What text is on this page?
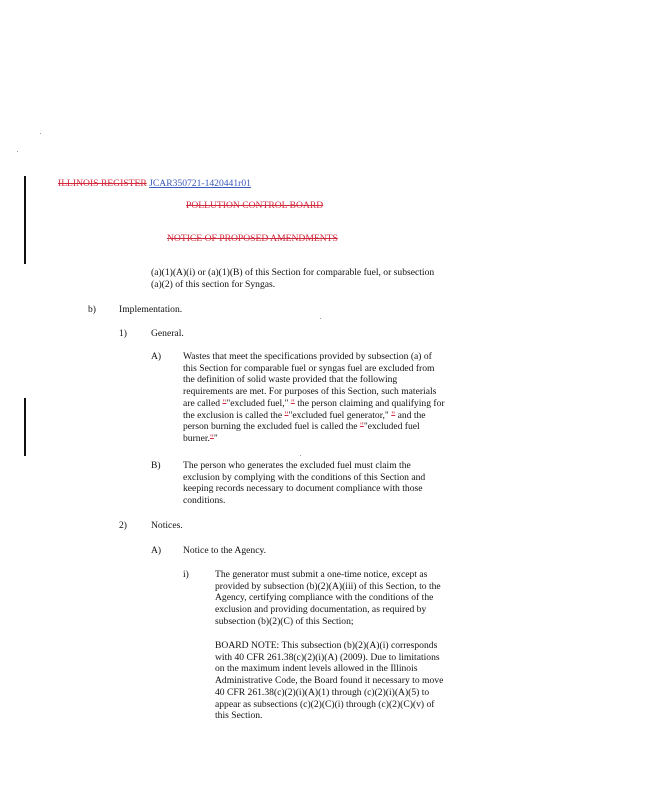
ILLINOIS REGISTER JCAR350721-1420441r01
POLLUTION CONTROL BOARD
NOTICE OF PROPOSED AMENDMENTS
(a)(1)(A)(i) or (a)(1)(B) of this Section for comparable fuel, or subsection
(a)(2) of this section for Syngas.
b) Implementation.
1)	General.
A) Wastes that meet the specifications provided by subsection (a) of
this Section for comparable fuel or syngas fuel are excluded from
the definition of solid waste provided that the following
requirements are met. For purposes of this Section, such materials
are called ""excluded fuel," " the person claiming and qualifying for
the exclusion is called the ""excluded fuel generator," " and the
person burning the excluded fuel is called the ""excluded fuel
burner.""
B) The person who generates the excluded fuel must claim the
exclusion by complying with the conditions of this Section and
keeping records necessary to document compliance with those
conditions.
2)	Notices.
A) Notice to the Agency.
i)	The generator must submit a one-time notice, except as
provided by subsection (b)(2)(A)(iii) of this Section, to the
Agency, certifying compliance with the conditions of the
exclusion and providing documentation, as required by
subsection (b)(2)(C) of this Section;
BOARD NOTE: This subsection (b)(2)(A)(i) corresponds
with 40 CFR 261.38(c)(2)(i)(A) (2009). Due to limitations
on the maximum indent levels allowed in the Illinois
Administrative Code, the Board found it necessary to move
40 CFR 261.38(c)(2)(i)(A)(1) through (c)(2)(i)(A)(5) to
appear as subsections (c)(2)(C)(i) through (c)(2)(C)(v) of
this Section.
